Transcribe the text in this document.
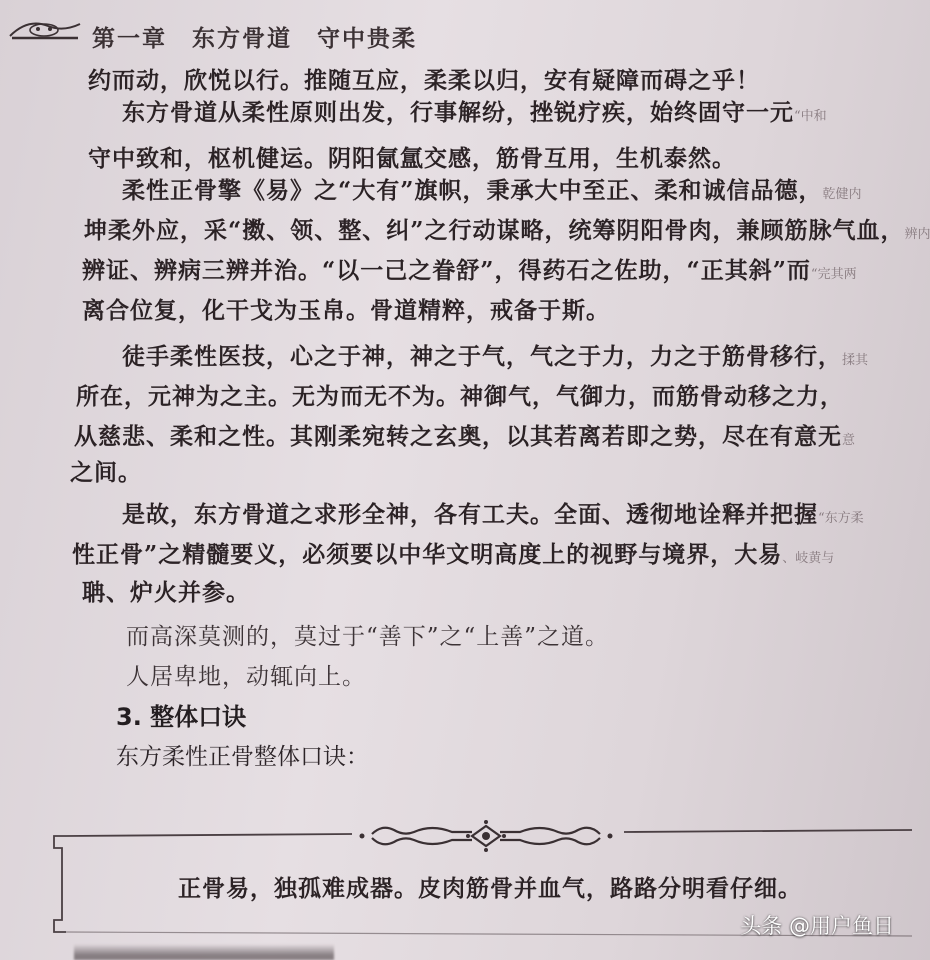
第一章　东方骨道　守中贵柔
约而动，欣悦以行。推随互应，柔柔以归，安有疑障而碍之乎！
　　东方骨道从柔性原则出发，行事解纷，挫锐疗疾，始终固守一元“中和
守中致和，枢机健运。阴阳氤氲交感，筋骨互用，生机泰然。
　　柔性正骨擎《易》之“大有”旗帜，秉承大中至正、柔和诚信品德，乾健内
坤柔外应，采“擞、领、整、纠”之行动谋略，统筹阴阳骨肉，兼顾筋脉气血，辨内
辨证、辨病三辨并治。“以一己之眷舒”，得药石之佐助，“正其斜”而“完其两
离合位复，化干戈为玉帛。骨道精粹，戒备于斯。
　　徒手柔性医技，心之于神，神之于气，气之于力，力之于筋骨移行，揉其
所在，元神为之主。无为而无不为。神御气，气御力，而筋骨动移之力，
从慈悲、柔和之性。其刚柔宛转之玄奥，以其若离若即之势，尽在有意无意
之间。
　　是故，东方骨道之求形全神，各有工夫。全面、透彻地诠释并把握“东方柔
性正骨”之精髓要义，必须要以中华文明高度上的视野与境界，大易、岐黄与
聃、炉火并参。
　　而高深莫测的，莫过于“善下”之“上善”之道。
　　人居卑地，动辄向上。
3. 整体口诀
东方柔性正骨整体口诀：
正骨易，独孤难成器。皮肉筋骨并血气，路路分明看仔细。
头条 @用户鱼日
